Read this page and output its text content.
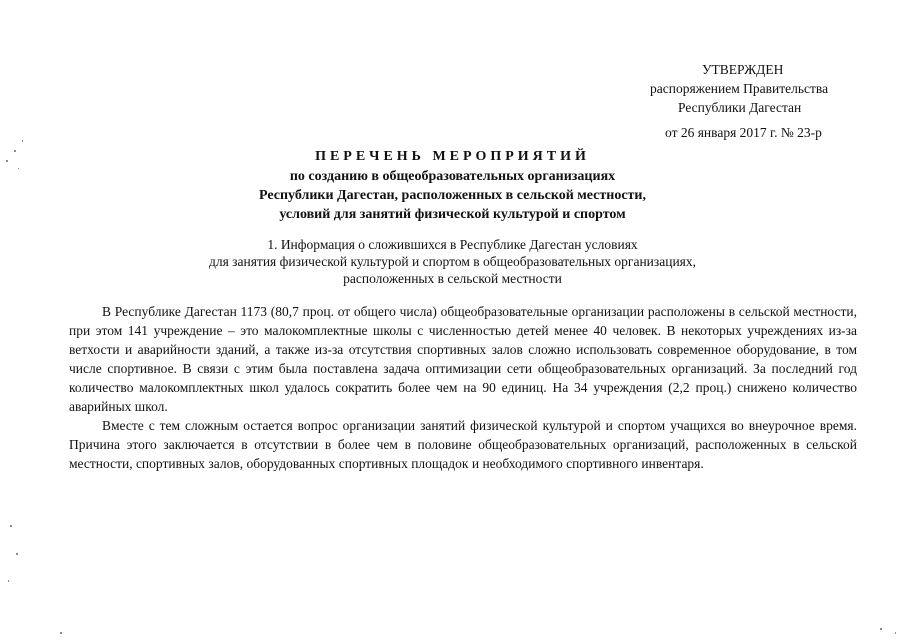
УТВЕРЖДЕН
распоряжением Правительства
Республики Дагестан
от 26 января 2017 г. № 23-р
ПЕРЕЧЕНЬ МЕРОПРИЯТИЙ
по созданию в общеобразовательных организациях
Республики Дагестан, расположенных в сельской местности,
условий для занятий физической культурой и спортом
1. Информация о сложившихся в Республике Дагестан условиях
для занятия физической культурой и спортом в общеобразовательных организациях,
расположенных в сельской местности

В Республике Дагестан 1173 (80,7 проц. от общего числа) общеобразовательные организации расположены в сельской местности, при этом 141 учреждение – это малокомплектные школы с численностью детей менее 40 человек. В некоторых учреждениях из-за ветхости и аварийности зданий, а также из-за отсутствия спортивных залов сложно использовать современное оборудование, в том числе спортивное. В связи с этим была поставлена задача оптимизации сети общеобразовательных организаций. За последний год количество малокомплектных школ удалось сократить более чем на 90 единиц. На 34 учреждения (2,2 проц.) снижено количество аварийных школ.

Вместе с тем сложным остается вопрос организации занятий физической культурой и спортом учащихся во внеурочное время. Причина этого заключается в отсутствии в более чем в половине общеобразовательных организаций, расположенных в сельской местности, спортивных залов, оборудованных спортивных площадок и необходимого спортивного инвентаря.
